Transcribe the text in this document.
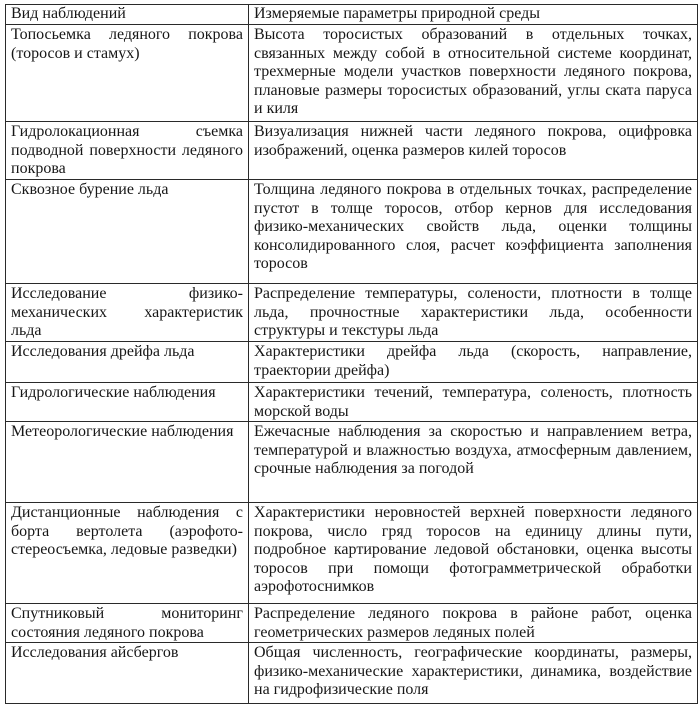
Вид наблюдений	Измеряемые параметры природной среды
Топосьемка ледяного покрова (торосов и стамух)	Высота торосистых образований в отдельных точках, связанных между собой в относительной системе координат, трехмерные модели участков поверхности ледяного покрова, плановые размеры торосистых образований, углы ската паруса и киля
Гидролокационная съемка подводной поверхности ледяного покрова	Визуализация нижней части ледяного покрова, оцифровка изображений, оценка размеров килей торосов
Сквозное бурение льда	Толщина ледяного покрова в отдельных точках, распределение пустот в толще торосов, отбор кернов для исследования физико-механических свойств льда, оценки толщины консолидированного слоя, расчет коэффициента заполнения торосов
Исследование физико-механических характеристик льда	Распределение температуры, солености, плотности в толще льда, прочностные характеристики льда, особенности структуры и текстуры льда
Исследования дрейфа льда	Характеристики дрейфа льда (скорость, направление, траектории дрейфа)
Гидрологические наблюдения	Характеристики течений, температура, соленость, плотность морской воды
Метеорологические наблюдения	Ежечасные наблюдения за скоростью и направлением ветра, температурой и влажностью воздуха, атмосферным давлением, срочные наблюдения за погодой
Дистанционные наблюдения с борта вертолета (аэрофото-стереосъемка, ледовые разведки)	Характеристики неровностей верхней поверхности ледяного покрова, число гряд торосов на единицу длины пути, подробное картирование ледовой обстановки, оценка высоты торосов при помощи фотограмметрической обработки аэрофотоснимков
Спутниковый мониторинг состояния ледяного покрова	Распределение ледяного покрова в районе работ, оценка геометрических размеров ледяных полей
Исследования айсбергов	Общая численность, географические координаты, размеры, физико-механические характеристики, динамика, воздействие на гидрофизические поля
